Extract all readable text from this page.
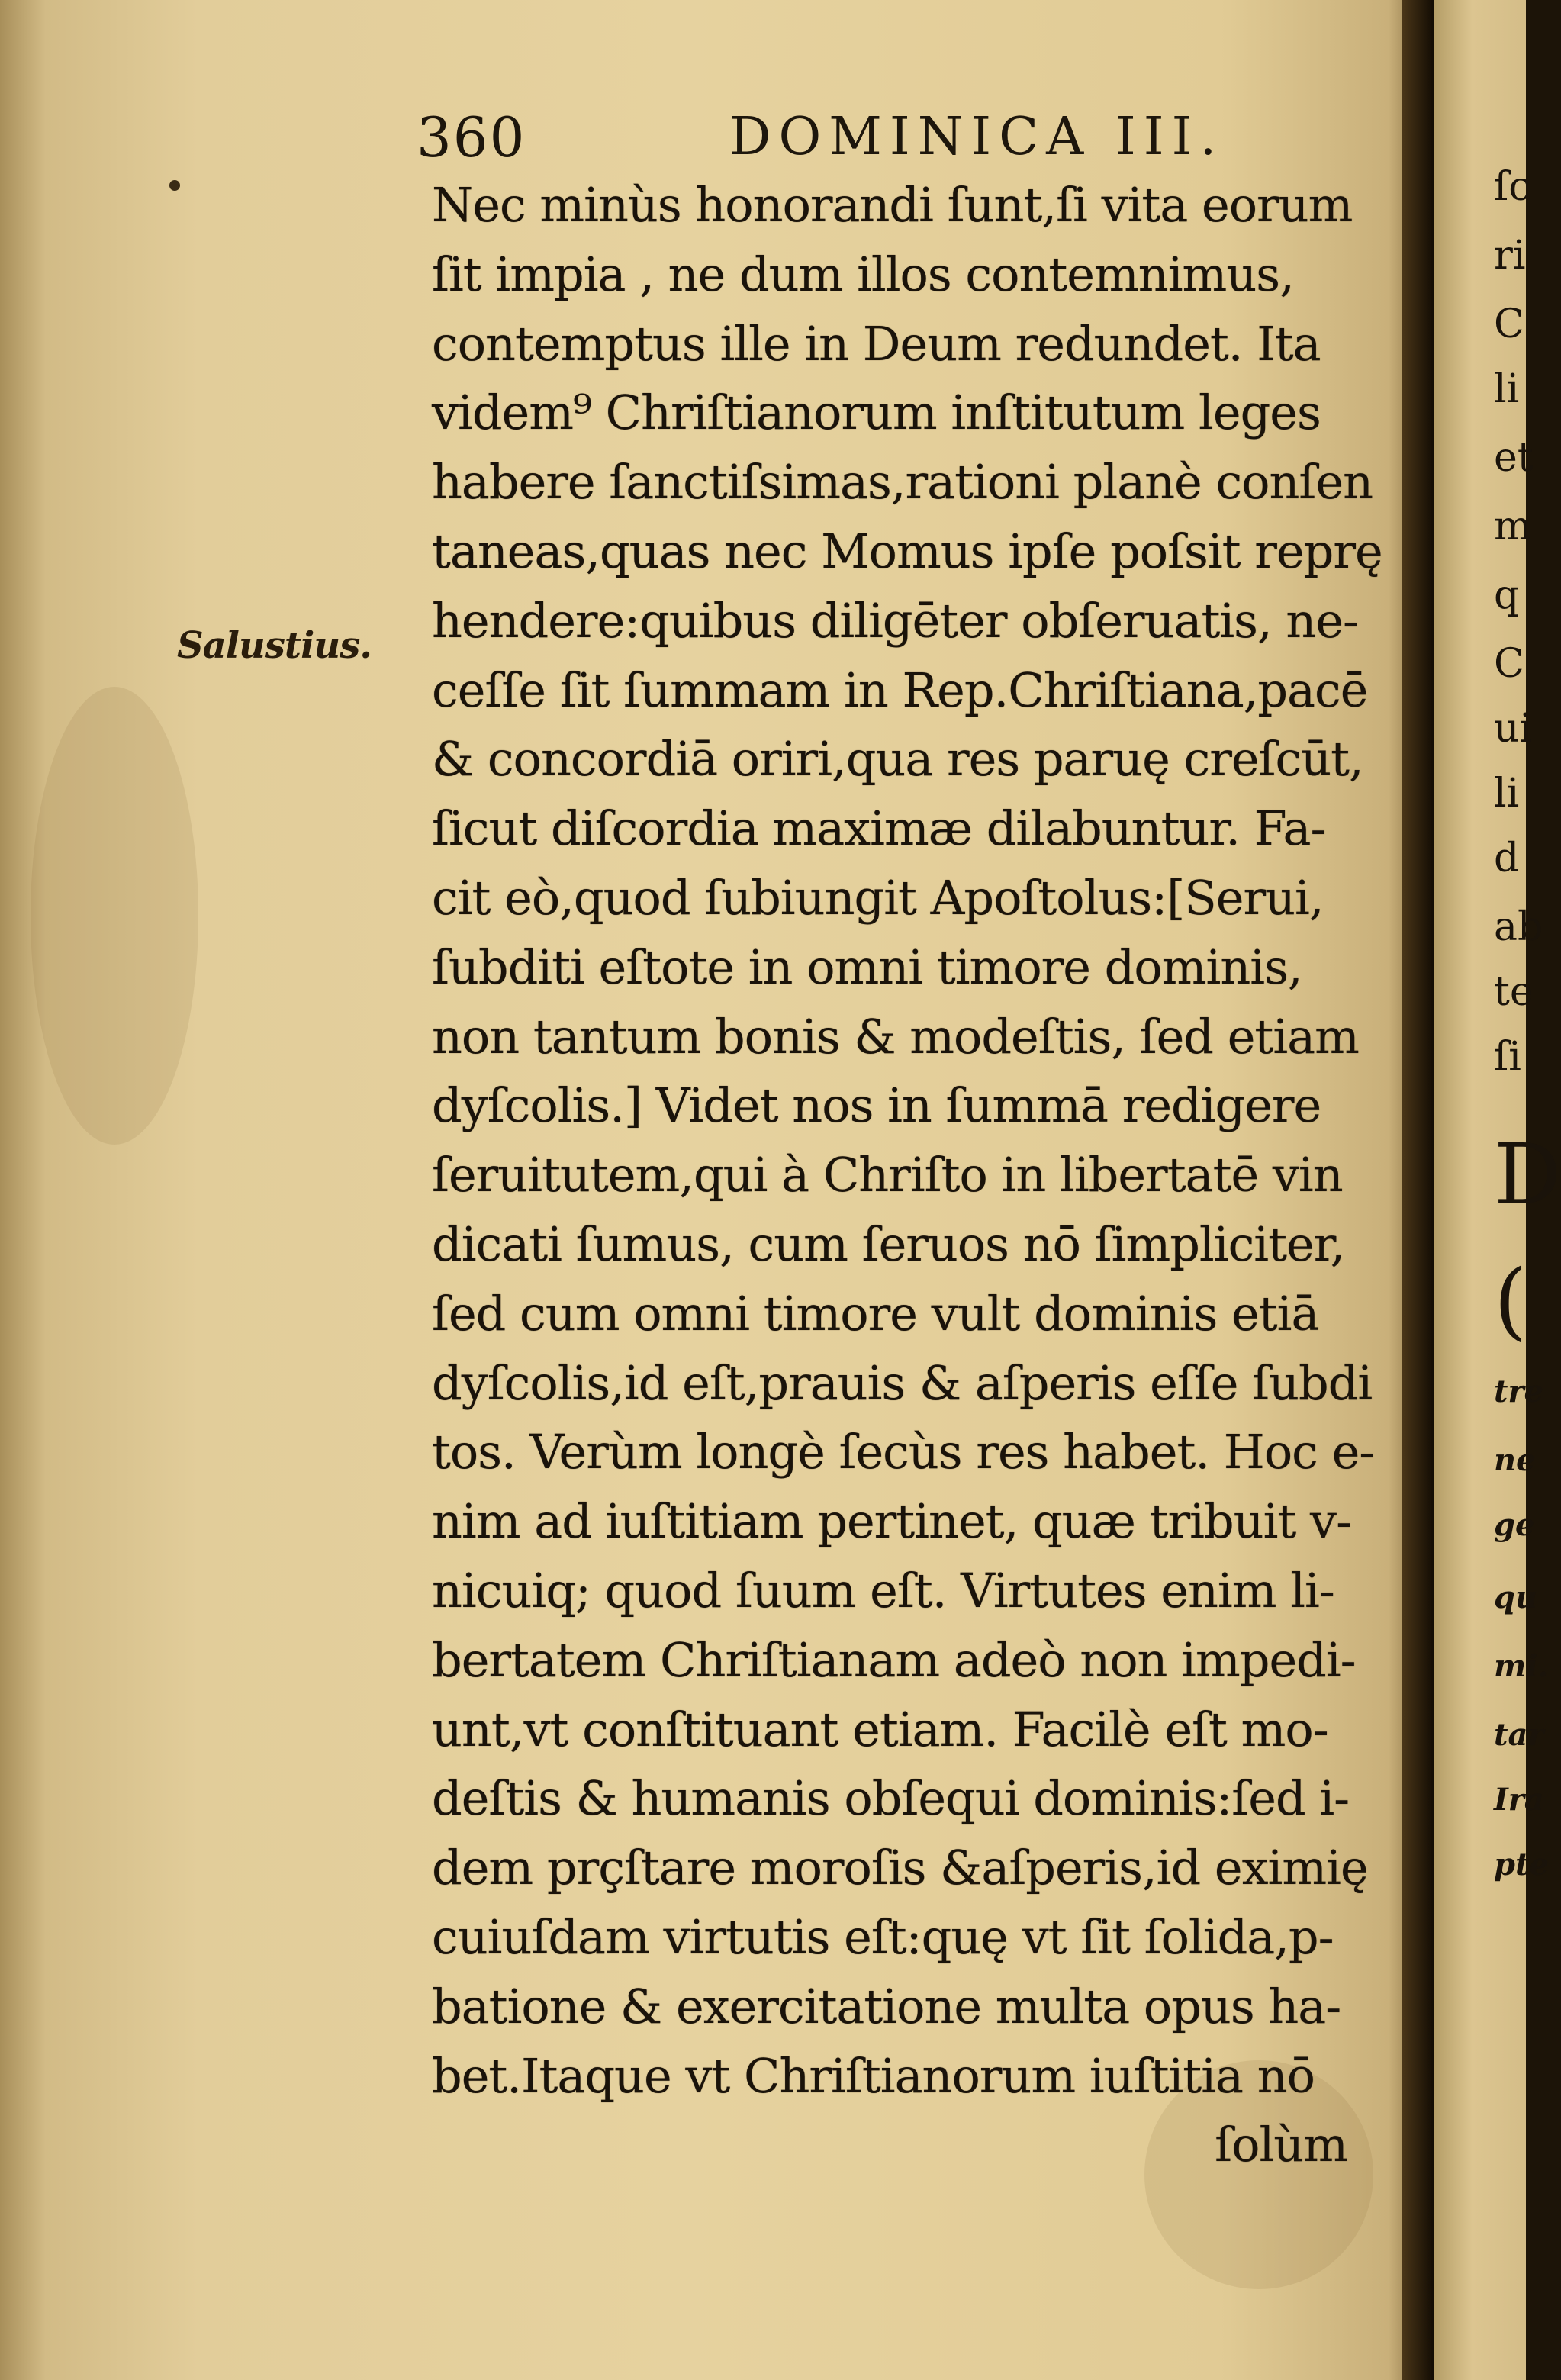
360	DOMINICA III.
Salustius.
Nec minùs honorandi ſunt,ſi vita eorum
ſit impia , ne dum illos contemnimus,
contemptus ille in Deum redundet. Ita
videm⁹ Chriſtianorum inſtitutum leges
habere ſanctiſsimas,rationi planè conſen
taneas,quas nec Momus ipſe poſsit reprę
hendere:quibus diligēter obſeruatis, ne-
ceſſe ſit ſummam in Rep.Chriſtiana,pacē
& concordiā oriri,qua res paruę creſcūt,
ſicut diſcordia maximæ dilabuntur. Fa-
cit eò,quod ſubiungit Apoſtolus:[Serui,
ſubditi eſtote in omni timore dominis,
non tantum bonis & modeſtis, ſed etiam
dyſcolis.] Videt nos in ſummā redigere
ſeruitutem,qui à Chriſto in libertatē vin
dicati ſumus, cum ſeruos nō ſimpliciter,
ſed cum omni timore vult dominis etiā
dyſcolis,id eſt,prauis & aſperis eſſe ſubdi
tos. Verùm longè ſecùs res habet. Hoc e-
nim ad iuſtitiam pertinet, quæ tribuit v-
nicuiq; quod ſuum eſt. Virtutes enim li-
bertatem Chriſtianam adeò non impedi-
unt,vt conſtituant etiam. Facilè eſt mo-
deſtis & humanis obſequi dominis:ſed i-
dem prçſtare moroſis &aſperis,id eximię
cuiuſdam virtutis eſt:quę vt ſit ſolida,p-
batione & exercitatione multa opus ha-
bet.Itaque vt Chriſtianorum iuſtitia nō
ſolùm
ſc
ri
C
li
et
m
q
C
ui
li
d
ab
te
ſi
D
(
tre
ne
ge
qu
mi.
tar
Ira
pte
